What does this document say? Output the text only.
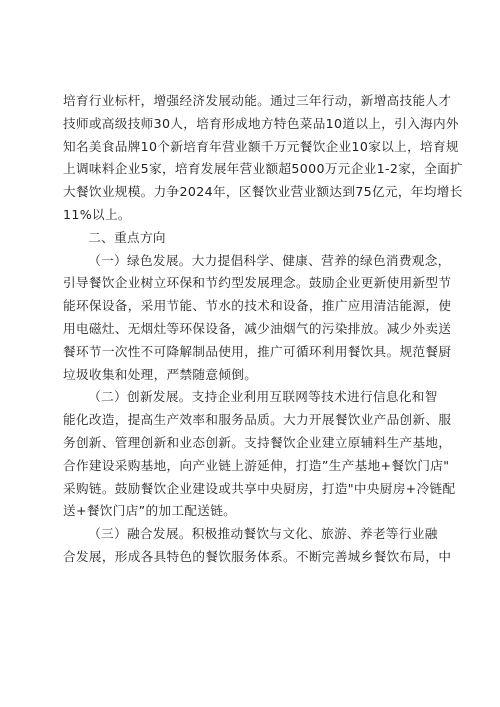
培育行业标杆，增强经济发展动能。通过三年行动，新增高技能人才
技师或高级技师30人，培育形成地方特色菜品10道以上，引入海内外
知名美食品牌10个新培育年营业额千万元餐饮企业10家以上，培育规
上调味料企业5家，培育发展年营业额超5000万元企业1-2家，全面扩
大餐饮业规模。力争2024年，区餐饮业营业额达到75亿元，年均增长
11%以上。

二、重点方向

（一）绿色发展。大力提倡科学、健康、营养的绿色消费观念，
引导餐饮企业树立环保和节约型发展理念。鼓励企业更新使用新型节
能环保设备，采用节能、节水的技术和设备，推广应用清洁能源，使
用电磁灶、无烟灶等环保设备，减少油烟气的污染排放。减少外卖送
餐环节一次性不可降解制品使用，推广可循环利用餐饮具。规范餐厨
垃圾收集和处理，严禁随意倾倒。

（二）创新发展。支持企业利用互联网等技术进行信息化和智
能化改造，提高生产效率和服务品质。大力开展餐饮业产品创新、服
务创新、管理创新和业态创新。支持餐饮企业建立原辅料生产基地，
合作建设采购基地，向产业链上游延伸，打造”生产基地+餐饮门店"
采购链。鼓励餐饮企业建设或共享中央厨房，打造"中央厨房+冷链配
送+餐饮门店”的加工配送链。

（三）融合发展。积极推动餐饮与文化、旅游、养老等行业融
合发展，形成各具特色的餐饮服务体系。不断完善城乡餐饮布局，中
